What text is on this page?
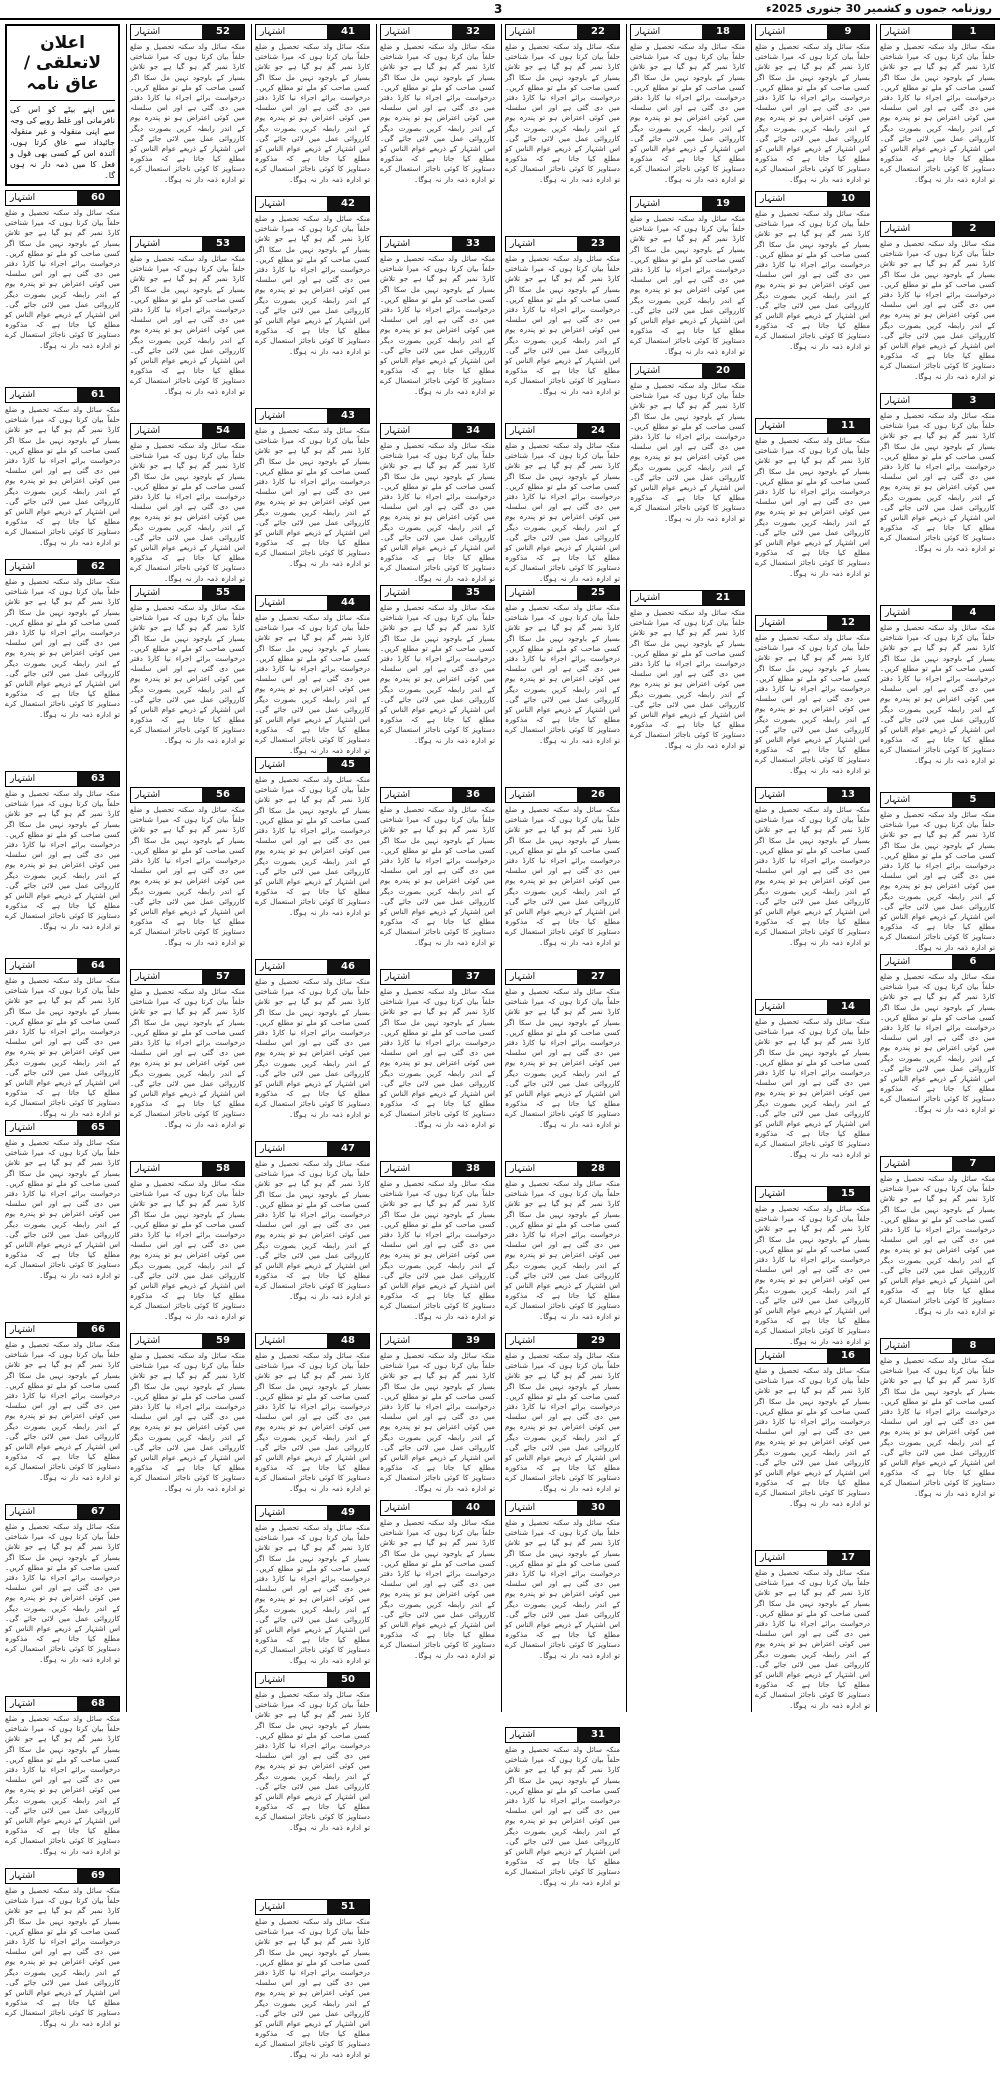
روزنامہ جموں و کشمیر 30 جنوری 2025ء
3
اشتہار	1
منکہ سائل ولد سکنہ تحصیل و ضلع حلفاً بیان کرتا ہوں کہ میرا شناختی کارڈ نمبر گم ہو گیا ہے جو تلاش بسیار کے باوجود نہیں مل سکا اگر کسی صاحب کو ملے تو مطلع کریں۔ درخواست برائے اجراء نیا کارڈ دفتر میں دی گئی ہے اور اس سلسلہ میں کوئی اعتراض ہو تو پندرہ یوم کے اندر رابطہ کریں بصورت دیگر کارروائی عمل میں لائی جائے گی۔ اس اشتہار کے ذریعے عوام الناس کو مطلع کیا جاتا ہے کہ مذکورہ دستاویز کا کوئی ناجائز استعمال کرے تو ادارہ ذمہ دار نہ ہوگا۔
اشتہار	2
منکہ سائل ولد سکنہ تحصیل و ضلع حلفاً بیان کرتا ہوں کہ میرا شناختی کارڈ نمبر گم ہو گیا ہے جو تلاش بسیار کے باوجود نہیں مل سکا اگر کسی صاحب کو ملے تو مطلع کریں۔ درخواست برائے اجراء نیا کارڈ دفتر میں دی گئی ہے اور اس سلسلہ میں کوئی اعتراض ہو تو پندرہ یوم کے اندر رابطہ کریں بصورت دیگر کارروائی عمل میں لائی جائے گی۔ اس اشتہار کے ذریعے عوام الناس کو مطلع کیا جاتا ہے کہ مذکورہ دستاویز کا کوئی ناجائز استعمال کرے تو ادارہ ذمہ دار نہ ہوگا۔
اشتہار	3
منکہ سائل ولد سکنہ تحصیل و ضلع حلفاً بیان کرتا ہوں کہ میرا شناختی کارڈ نمبر گم ہو گیا ہے جو تلاش بسیار کے باوجود نہیں مل سکا اگر کسی صاحب کو ملے تو مطلع کریں۔ درخواست برائے اجراء نیا کارڈ دفتر میں دی گئی ہے اور اس سلسلہ میں کوئی اعتراض ہو تو پندرہ یوم کے اندر رابطہ کریں بصورت دیگر کارروائی عمل میں لائی جائے گی۔ اس اشتہار کے ذریعے عوام الناس کو مطلع کیا جاتا ہے کہ مذکورہ دستاویز کا کوئی ناجائز استعمال کرے تو ادارہ ذمہ دار نہ ہوگا۔
اشتہار	4
منکہ سائل ولد سکنہ تحصیل و ضلع حلفاً بیان کرتا ہوں کہ میرا شناختی کارڈ نمبر گم ہو گیا ہے جو تلاش بسیار کے باوجود نہیں مل سکا اگر کسی صاحب کو ملے تو مطلع کریں۔ درخواست برائے اجراء نیا کارڈ دفتر میں دی گئی ہے اور اس سلسلہ میں کوئی اعتراض ہو تو پندرہ یوم کے اندر رابطہ کریں بصورت دیگر کارروائی عمل میں لائی جائے گی۔ اس اشتہار کے ذریعے عوام الناس کو مطلع کیا جاتا ہے کہ مذکورہ دستاویز کا کوئی ناجائز استعمال کرے تو ادارہ ذمہ دار نہ ہوگا۔
اشتہار	5
منکہ سائل ولد سکنہ تحصیل و ضلع حلفاً بیان کرتا ہوں کہ میرا شناختی کارڈ نمبر گم ہو گیا ہے جو تلاش بسیار کے باوجود نہیں مل سکا اگر کسی صاحب کو ملے تو مطلع کریں۔ درخواست برائے اجراء نیا کارڈ دفتر میں دی گئی ہے اور اس سلسلہ میں کوئی اعتراض ہو تو پندرہ یوم کے اندر رابطہ کریں بصورت دیگر کارروائی عمل میں لائی جائے گی۔ اس اشتہار کے ذریعے عوام الناس کو مطلع کیا جاتا ہے کہ مذکورہ دستاویز کا کوئی ناجائز استعمال کرے تو ادارہ ذمہ دار نہ ہوگا۔
اشتہار	6
منکہ سائل ولد سکنہ تحصیل و ضلع حلفاً بیان کرتا ہوں کہ میرا شناختی کارڈ نمبر گم ہو گیا ہے جو تلاش بسیار کے باوجود نہیں مل سکا اگر کسی صاحب کو ملے تو مطلع کریں۔ درخواست برائے اجراء نیا کارڈ دفتر میں دی گئی ہے اور اس سلسلہ میں کوئی اعتراض ہو تو پندرہ یوم کے اندر رابطہ کریں بصورت دیگر کارروائی عمل میں لائی جائے گی۔ اس اشتہار کے ذریعے عوام الناس کو مطلع کیا جاتا ہے کہ مذکورہ دستاویز کا کوئی ناجائز استعمال کرے تو ادارہ ذمہ دار نہ ہوگا۔
اشتہار	7
منکہ سائل ولد سکنہ تحصیل و ضلع حلفاً بیان کرتا ہوں کہ میرا شناختی کارڈ نمبر گم ہو گیا ہے جو تلاش بسیار کے باوجود نہیں مل سکا اگر کسی صاحب کو ملے تو مطلع کریں۔ درخواست برائے اجراء نیا کارڈ دفتر میں دی گئی ہے اور اس سلسلہ میں کوئی اعتراض ہو تو پندرہ یوم کے اندر رابطہ کریں بصورت دیگر کارروائی عمل میں لائی جائے گی۔ اس اشتہار کے ذریعے عوام الناس کو مطلع کیا جاتا ہے کہ مذکورہ دستاویز کا کوئی ناجائز استعمال کرے تو ادارہ ذمہ دار نہ ہوگا۔
اشتہار	8
منکہ سائل ولد سکنہ تحصیل و ضلع حلفاً بیان کرتا ہوں کہ میرا شناختی کارڈ نمبر گم ہو گیا ہے جو تلاش بسیار کے باوجود نہیں مل سکا اگر کسی صاحب کو ملے تو مطلع کریں۔ درخواست برائے اجراء نیا کارڈ دفتر میں دی گئی ہے اور اس سلسلہ میں کوئی اعتراض ہو تو پندرہ یوم کے اندر رابطہ کریں بصورت دیگر کارروائی عمل میں لائی جائے گی۔ اس اشتہار کے ذریعے عوام الناس کو مطلع کیا جاتا ہے کہ مذکورہ دستاویز کا کوئی ناجائز استعمال کرے تو ادارہ ذمہ دار نہ ہوگا۔
اشتہار	9
منکہ سائل ولد سکنہ تحصیل و ضلع حلفاً بیان کرتا ہوں کہ میرا شناختی کارڈ نمبر گم ہو گیا ہے جو تلاش بسیار کے باوجود نہیں مل سکا اگر کسی صاحب کو ملے تو مطلع کریں۔ درخواست برائے اجراء نیا کارڈ دفتر میں دی گئی ہے اور اس سلسلہ میں کوئی اعتراض ہو تو پندرہ یوم کے اندر رابطہ کریں بصورت دیگر کارروائی عمل میں لائی جائے گی۔ اس اشتہار کے ذریعے عوام الناس کو مطلع کیا جاتا ہے کہ مذکورہ دستاویز کا کوئی ناجائز استعمال کرے تو ادارہ ذمہ دار نہ ہوگا۔
اشتہار	10
منکہ سائل ولد سکنہ تحصیل و ضلع حلفاً بیان کرتا ہوں کہ میرا شناختی کارڈ نمبر گم ہو گیا ہے جو تلاش بسیار کے باوجود نہیں مل سکا اگر کسی صاحب کو ملے تو مطلع کریں۔ درخواست برائے اجراء نیا کارڈ دفتر میں دی گئی ہے اور اس سلسلہ میں کوئی اعتراض ہو تو پندرہ یوم کے اندر رابطہ کریں بصورت دیگر کارروائی عمل میں لائی جائے گی۔ اس اشتہار کے ذریعے عوام الناس کو مطلع کیا جاتا ہے کہ مذکورہ دستاویز کا کوئی ناجائز استعمال کرے تو ادارہ ذمہ دار نہ ہوگا۔
اشتہار	11
منکہ سائل ولد سکنہ تحصیل و ضلع حلفاً بیان کرتا ہوں کہ میرا شناختی کارڈ نمبر گم ہو گیا ہے جو تلاش بسیار کے باوجود نہیں مل سکا اگر کسی صاحب کو ملے تو مطلع کریں۔ درخواست برائے اجراء نیا کارڈ دفتر میں دی گئی ہے اور اس سلسلہ میں کوئی اعتراض ہو تو پندرہ یوم کے اندر رابطہ کریں بصورت دیگر کارروائی عمل میں لائی جائے گی۔ اس اشتہار کے ذریعے عوام الناس کو مطلع کیا جاتا ہے کہ مذکورہ دستاویز کا کوئی ناجائز استعمال کرے تو ادارہ ذمہ دار نہ ہوگا۔
اشتہار	12
منکہ سائل ولد سکنہ تحصیل و ضلع حلفاً بیان کرتا ہوں کہ میرا شناختی کارڈ نمبر گم ہو گیا ہے جو تلاش بسیار کے باوجود نہیں مل سکا اگر کسی صاحب کو ملے تو مطلع کریں۔ درخواست برائے اجراء نیا کارڈ دفتر میں دی گئی ہے اور اس سلسلہ میں کوئی اعتراض ہو تو پندرہ یوم کے اندر رابطہ کریں بصورت دیگر کارروائی عمل میں لائی جائے گی۔ اس اشتہار کے ذریعے عوام الناس کو مطلع کیا جاتا ہے کہ مذکورہ دستاویز کا کوئی ناجائز استعمال کرے تو ادارہ ذمہ دار نہ ہوگا۔
اشتہار	13
منکہ سائل ولد سکنہ تحصیل و ضلع حلفاً بیان کرتا ہوں کہ میرا شناختی کارڈ نمبر گم ہو گیا ہے جو تلاش بسیار کے باوجود نہیں مل سکا اگر کسی صاحب کو ملے تو مطلع کریں۔ درخواست برائے اجراء نیا کارڈ دفتر میں دی گئی ہے اور اس سلسلہ میں کوئی اعتراض ہو تو پندرہ یوم کے اندر رابطہ کریں بصورت دیگر کارروائی عمل میں لائی جائے گی۔ اس اشتہار کے ذریعے عوام الناس کو مطلع کیا جاتا ہے کہ مذکورہ دستاویز کا کوئی ناجائز استعمال کرے تو ادارہ ذمہ دار نہ ہوگا۔
اشتہار	14
منکہ سائل ولد سکنہ تحصیل و ضلع حلفاً بیان کرتا ہوں کہ میرا شناختی کارڈ نمبر گم ہو گیا ہے جو تلاش بسیار کے باوجود نہیں مل سکا اگر کسی صاحب کو ملے تو مطلع کریں۔ درخواست برائے اجراء نیا کارڈ دفتر میں دی گئی ہے اور اس سلسلہ میں کوئی اعتراض ہو تو پندرہ یوم کے اندر رابطہ کریں بصورت دیگر کارروائی عمل میں لائی جائے گی۔ اس اشتہار کے ذریعے عوام الناس کو مطلع کیا جاتا ہے کہ مذکورہ دستاویز کا کوئی ناجائز استعمال کرے تو ادارہ ذمہ دار نہ ہوگا۔
اشتہار	15
منکہ سائل ولد سکنہ تحصیل و ضلع حلفاً بیان کرتا ہوں کہ میرا شناختی کارڈ نمبر گم ہو گیا ہے جو تلاش بسیار کے باوجود نہیں مل سکا اگر کسی صاحب کو ملے تو مطلع کریں۔ درخواست برائے اجراء نیا کارڈ دفتر میں دی گئی ہے اور اس سلسلہ میں کوئی اعتراض ہو تو پندرہ یوم کے اندر رابطہ کریں بصورت دیگر کارروائی عمل میں لائی جائے گی۔ اس اشتہار کے ذریعے عوام الناس کو مطلع کیا جاتا ہے کہ مذکورہ دستاویز کا کوئی ناجائز استعمال کرے تو ادارہ ذمہ دار نہ ہوگا۔
اشتہار	16
منکہ سائل ولد سکنہ تحصیل و ضلع حلفاً بیان کرتا ہوں کہ میرا شناختی کارڈ نمبر گم ہو گیا ہے جو تلاش بسیار کے باوجود نہیں مل سکا اگر کسی صاحب کو ملے تو مطلع کریں۔ درخواست برائے اجراء نیا کارڈ دفتر میں دی گئی ہے اور اس سلسلہ میں کوئی اعتراض ہو تو پندرہ یوم کے اندر رابطہ کریں بصورت دیگر کارروائی عمل میں لائی جائے گی۔ اس اشتہار کے ذریعے عوام الناس کو مطلع کیا جاتا ہے کہ مذکورہ دستاویز کا کوئی ناجائز استعمال کرے تو ادارہ ذمہ دار نہ ہوگا۔
اشتہار	17
منکہ سائل ولد سکنہ تحصیل و ضلع حلفاً بیان کرتا ہوں کہ میرا شناختی کارڈ نمبر گم ہو گیا ہے جو تلاش بسیار کے باوجود نہیں مل سکا اگر کسی صاحب کو ملے تو مطلع کریں۔ درخواست برائے اجراء نیا کارڈ دفتر میں دی گئی ہے اور اس سلسلہ میں کوئی اعتراض ہو تو پندرہ یوم کے اندر رابطہ کریں بصورت دیگر کارروائی عمل میں لائی جائے گی۔ اس اشتہار کے ذریعے عوام الناس کو مطلع کیا جاتا ہے کہ مذکورہ دستاویز کا کوئی ناجائز استعمال کرے تو ادارہ ذمہ دار نہ ہوگا۔
اشتہار	18
منکہ سائل ولد سکنہ تحصیل و ضلع حلفاً بیان کرتا ہوں کہ میرا شناختی کارڈ نمبر گم ہو گیا ہے جو تلاش بسیار کے باوجود نہیں مل سکا اگر کسی صاحب کو ملے تو مطلع کریں۔ درخواست برائے اجراء نیا کارڈ دفتر میں دی گئی ہے اور اس سلسلہ میں کوئی اعتراض ہو تو پندرہ یوم کے اندر رابطہ کریں بصورت دیگر کارروائی عمل میں لائی جائے گی۔ اس اشتہار کے ذریعے عوام الناس کو مطلع کیا جاتا ہے کہ مذکورہ دستاویز کا کوئی ناجائز استعمال کرے تو ادارہ ذمہ دار نہ ہوگا۔
اشتہار	19
منکہ سائل ولد سکنہ تحصیل و ضلع حلفاً بیان کرتا ہوں کہ میرا شناختی کارڈ نمبر گم ہو گیا ہے جو تلاش بسیار کے باوجود نہیں مل سکا اگر کسی صاحب کو ملے تو مطلع کریں۔ درخواست برائے اجراء نیا کارڈ دفتر میں دی گئی ہے اور اس سلسلہ میں کوئی اعتراض ہو تو پندرہ یوم کے اندر رابطہ کریں بصورت دیگر کارروائی عمل میں لائی جائے گی۔ اس اشتہار کے ذریعے عوام الناس کو مطلع کیا جاتا ہے کہ مذکورہ دستاویز کا کوئی ناجائز استعمال کرے تو ادارہ ذمہ دار نہ ہوگا۔
اشتہار	20
منکہ سائل ولد سکنہ تحصیل و ضلع حلفاً بیان کرتا ہوں کہ میرا شناختی کارڈ نمبر گم ہو گیا ہے جو تلاش بسیار کے باوجود نہیں مل سکا اگر کسی صاحب کو ملے تو مطلع کریں۔ درخواست برائے اجراء نیا کارڈ دفتر میں دی گئی ہے اور اس سلسلہ میں کوئی اعتراض ہو تو پندرہ یوم کے اندر رابطہ کریں بصورت دیگر کارروائی عمل میں لائی جائے گی۔ اس اشتہار کے ذریعے عوام الناس کو مطلع کیا جاتا ہے کہ مذکورہ دستاویز کا کوئی ناجائز استعمال کرے تو ادارہ ذمہ دار نہ ہوگا۔
اشتہار	21
منکہ سائل ولد سکنہ تحصیل و ضلع حلفاً بیان کرتا ہوں کہ میرا شناختی کارڈ نمبر گم ہو گیا ہے جو تلاش بسیار کے باوجود نہیں مل سکا اگر کسی صاحب کو ملے تو مطلع کریں۔ درخواست برائے اجراء نیا کارڈ دفتر میں دی گئی ہے اور اس سلسلہ میں کوئی اعتراض ہو تو پندرہ یوم کے اندر رابطہ کریں بصورت دیگر کارروائی عمل میں لائی جائے گی۔ اس اشتہار کے ذریعے عوام الناس کو مطلع کیا جاتا ہے کہ مذکورہ دستاویز کا کوئی ناجائز استعمال کرے تو ادارہ ذمہ دار نہ ہوگا۔
اشتہار	22
منکہ سائل ولد سکنہ تحصیل و ضلع حلفاً بیان کرتا ہوں کہ میرا شناختی کارڈ نمبر گم ہو گیا ہے جو تلاش بسیار کے باوجود نہیں مل سکا اگر کسی صاحب کو ملے تو مطلع کریں۔ درخواست برائے اجراء نیا کارڈ دفتر میں دی گئی ہے اور اس سلسلہ میں کوئی اعتراض ہو تو پندرہ یوم کے اندر رابطہ کریں بصورت دیگر کارروائی عمل میں لائی جائے گی۔ اس اشتہار کے ذریعے عوام الناس کو مطلع کیا جاتا ہے کہ مذکورہ دستاویز کا کوئی ناجائز استعمال کرے تو ادارہ ذمہ دار نہ ہوگا۔
اشتہار	23
منکہ سائل ولد سکنہ تحصیل و ضلع حلفاً بیان کرتا ہوں کہ میرا شناختی کارڈ نمبر گم ہو گیا ہے جو تلاش بسیار کے باوجود نہیں مل سکا اگر کسی صاحب کو ملے تو مطلع کریں۔ درخواست برائے اجراء نیا کارڈ دفتر میں دی گئی ہے اور اس سلسلہ میں کوئی اعتراض ہو تو پندرہ یوم کے اندر رابطہ کریں بصورت دیگر کارروائی عمل میں لائی جائے گی۔ اس اشتہار کے ذریعے عوام الناس کو مطلع کیا جاتا ہے کہ مذکورہ دستاویز کا کوئی ناجائز استعمال کرے تو ادارہ ذمہ دار نہ ہوگا۔
اشتہار	24
منکہ سائل ولد سکنہ تحصیل و ضلع حلفاً بیان کرتا ہوں کہ میرا شناختی کارڈ نمبر گم ہو گیا ہے جو تلاش بسیار کے باوجود نہیں مل سکا اگر کسی صاحب کو ملے تو مطلع کریں۔ درخواست برائے اجراء نیا کارڈ دفتر میں دی گئی ہے اور اس سلسلہ میں کوئی اعتراض ہو تو پندرہ یوم کے اندر رابطہ کریں بصورت دیگر کارروائی عمل میں لائی جائے گی۔ اس اشتہار کے ذریعے عوام الناس کو مطلع کیا جاتا ہے کہ مذکورہ دستاویز کا کوئی ناجائز استعمال کرے تو ادارہ ذمہ دار نہ ہوگا۔
اشتہار	25
منکہ سائل ولد سکنہ تحصیل و ضلع حلفاً بیان کرتا ہوں کہ میرا شناختی کارڈ نمبر گم ہو گیا ہے جو تلاش بسیار کے باوجود نہیں مل سکا اگر کسی صاحب کو ملے تو مطلع کریں۔ درخواست برائے اجراء نیا کارڈ دفتر میں دی گئی ہے اور اس سلسلہ میں کوئی اعتراض ہو تو پندرہ یوم کے اندر رابطہ کریں بصورت دیگر کارروائی عمل میں لائی جائے گی۔ اس اشتہار کے ذریعے عوام الناس کو مطلع کیا جاتا ہے کہ مذکورہ دستاویز کا کوئی ناجائز استعمال کرے تو ادارہ ذمہ دار نہ ہوگا۔
اشتہار	26
منکہ سائل ولد سکنہ تحصیل و ضلع حلفاً بیان کرتا ہوں کہ میرا شناختی کارڈ نمبر گم ہو گیا ہے جو تلاش بسیار کے باوجود نہیں مل سکا اگر کسی صاحب کو ملے تو مطلع کریں۔ درخواست برائے اجراء نیا کارڈ دفتر میں دی گئی ہے اور اس سلسلہ میں کوئی اعتراض ہو تو پندرہ یوم کے اندر رابطہ کریں بصورت دیگر کارروائی عمل میں لائی جائے گی۔ اس اشتہار کے ذریعے عوام الناس کو مطلع کیا جاتا ہے کہ مذکورہ دستاویز کا کوئی ناجائز استعمال کرے تو ادارہ ذمہ دار نہ ہوگا۔
اشتہار	27
منکہ سائل ولد سکنہ تحصیل و ضلع حلفاً بیان کرتا ہوں کہ میرا شناختی کارڈ نمبر گم ہو گیا ہے جو تلاش بسیار کے باوجود نہیں مل سکا اگر کسی صاحب کو ملے تو مطلع کریں۔ درخواست برائے اجراء نیا کارڈ دفتر میں دی گئی ہے اور اس سلسلہ میں کوئی اعتراض ہو تو پندرہ یوم کے اندر رابطہ کریں بصورت دیگر کارروائی عمل میں لائی جائے گی۔ اس اشتہار کے ذریعے عوام الناس کو مطلع کیا جاتا ہے کہ مذکورہ دستاویز کا کوئی ناجائز استعمال کرے تو ادارہ ذمہ دار نہ ہوگا۔
اشتہار	28
منکہ سائل ولد سکنہ تحصیل و ضلع حلفاً بیان کرتا ہوں کہ میرا شناختی کارڈ نمبر گم ہو گیا ہے جو تلاش بسیار کے باوجود نہیں مل سکا اگر کسی صاحب کو ملے تو مطلع کریں۔ درخواست برائے اجراء نیا کارڈ دفتر میں دی گئی ہے اور اس سلسلہ میں کوئی اعتراض ہو تو پندرہ یوم کے اندر رابطہ کریں بصورت دیگر کارروائی عمل میں لائی جائے گی۔ اس اشتہار کے ذریعے عوام الناس کو مطلع کیا جاتا ہے کہ مذکورہ دستاویز کا کوئی ناجائز استعمال کرے تو ادارہ ذمہ دار نہ ہوگا۔
اشتہار	29
منکہ سائل ولد سکنہ تحصیل و ضلع حلفاً بیان کرتا ہوں کہ میرا شناختی کارڈ نمبر گم ہو گیا ہے جو تلاش بسیار کے باوجود نہیں مل سکا اگر کسی صاحب کو ملے تو مطلع کریں۔ درخواست برائے اجراء نیا کارڈ دفتر میں دی گئی ہے اور اس سلسلہ میں کوئی اعتراض ہو تو پندرہ یوم کے اندر رابطہ کریں بصورت دیگر کارروائی عمل میں لائی جائے گی۔ اس اشتہار کے ذریعے عوام الناس کو مطلع کیا جاتا ہے کہ مذکورہ دستاویز کا کوئی ناجائز استعمال کرے تو ادارہ ذمہ دار نہ ہوگا۔
اشتہار	30
منکہ سائل ولد سکنہ تحصیل و ضلع حلفاً بیان کرتا ہوں کہ میرا شناختی کارڈ نمبر گم ہو گیا ہے جو تلاش بسیار کے باوجود نہیں مل سکا اگر کسی صاحب کو ملے تو مطلع کریں۔ درخواست برائے اجراء نیا کارڈ دفتر میں دی گئی ہے اور اس سلسلہ میں کوئی اعتراض ہو تو پندرہ یوم کے اندر رابطہ کریں بصورت دیگر کارروائی عمل میں لائی جائے گی۔ اس اشتہار کے ذریعے عوام الناس کو مطلع کیا جاتا ہے کہ مذکورہ دستاویز کا کوئی ناجائز استعمال کرے تو ادارہ ذمہ دار نہ ہوگا۔
اشتہار	31
منکہ سائل ولد سکنہ تحصیل و ضلع حلفاً بیان کرتا ہوں کہ میرا شناختی کارڈ نمبر گم ہو گیا ہے جو تلاش بسیار کے باوجود نہیں مل سکا اگر کسی صاحب کو ملے تو مطلع کریں۔ درخواست برائے اجراء نیا کارڈ دفتر میں دی گئی ہے اور اس سلسلہ میں کوئی اعتراض ہو تو پندرہ یوم کے اندر رابطہ کریں بصورت دیگر کارروائی عمل میں لائی جائے گی۔ اس اشتہار کے ذریعے عوام الناس کو مطلع کیا جاتا ہے کہ مذکورہ دستاویز کا کوئی ناجائز استعمال کرے تو ادارہ ذمہ دار نہ ہوگا۔
اشتہار	32
منکہ سائل ولد سکنہ تحصیل و ضلع حلفاً بیان کرتا ہوں کہ میرا شناختی کارڈ نمبر گم ہو گیا ہے جو تلاش بسیار کے باوجود نہیں مل سکا اگر کسی صاحب کو ملے تو مطلع کریں۔ درخواست برائے اجراء نیا کارڈ دفتر میں دی گئی ہے اور اس سلسلہ میں کوئی اعتراض ہو تو پندرہ یوم کے اندر رابطہ کریں بصورت دیگر کارروائی عمل میں لائی جائے گی۔ اس اشتہار کے ذریعے عوام الناس کو مطلع کیا جاتا ہے کہ مذکورہ دستاویز کا کوئی ناجائز استعمال کرے تو ادارہ ذمہ دار نہ ہوگا۔
اشتہار	33
منکہ سائل ولد سکنہ تحصیل و ضلع حلفاً بیان کرتا ہوں کہ میرا شناختی کارڈ نمبر گم ہو گیا ہے جو تلاش بسیار کے باوجود نہیں مل سکا اگر کسی صاحب کو ملے تو مطلع کریں۔ درخواست برائے اجراء نیا کارڈ دفتر میں دی گئی ہے اور اس سلسلہ میں کوئی اعتراض ہو تو پندرہ یوم کے اندر رابطہ کریں بصورت دیگر کارروائی عمل میں لائی جائے گی۔ اس اشتہار کے ذریعے عوام الناس کو مطلع کیا جاتا ہے کہ مذکورہ دستاویز کا کوئی ناجائز استعمال کرے تو ادارہ ذمہ دار نہ ہوگا۔
اشتہار	34
منکہ سائل ولد سکنہ تحصیل و ضلع حلفاً بیان کرتا ہوں کہ میرا شناختی کارڈ نمبر گم ہو گیا ہے جو تلاش بسیار کے باوجود نہیں مل سکا اگر کسی صاحب کو ملے تو مطلع کریں۔ درخواست برائے اجراء نیا کارڈ دفتر میں دی گئی ہے اور اس سلسلہ میں کوئی اعتراض ہو تو پندرہ یوم کے اندر رابطہ کریں بصورت دیگر کارروائی عمل میں لائی جائے گی۔ اس اشتہار کے ذریعے عوام الناس کو مطلع کیا جاتا ہے کہ مذکورہ دستاویز کا کوئی ناجائز استعمال کرے تو ادارہ ذمہ دار نہ ہوگا۔
اشتہار	35
منکہ سائل ولد سکنہ تحصیل و ضلع حلفاً بیان کرتا ہوں کہ میرا شناختی کارڈ نمبر گم ہو گیا ہے جو تلاش بسیار کے باوجود نہیں مل سکا اگر کسی صاحب کو ملے تو مطلع کریں۔ درخواست برائے اجراء نیا کارڈ دفتر میں دی گئی ہے اور اس سلسلہ میں کوئی اعتراض ہو تو پندرہ یوم کے اندر رابطہ کریں بصورت دیگر کارروائی عمل میں لائی جائے گی۔ اس اشتہار کے ذریعے عوام الناس کو مطلع کیا جاتا ہے کہ مذکورہ دستاویز کا کوئی ناجائز استعمال کرے تو ادارہ ذمہ دار نہ ہوگا۔
اشتہار	36
منکہ سائل ولد سکنہ تحصیل و ضلع حلفاً بیان کرتا ہوں کہ میرا شناختی کارڈ نمبر گم ہو گیا ہے جو تلاش بسیار کے باوجود نہیں مل سکا اگر کسی صاحب کو ملے تو مطلع کریں۔ درخواست برائے اجراء نیا کارڈ دفتر میں دی گئی ہے اور اس سلسلہ میں کوئی اعتراض ہو تو پندرہ یوم کے اندر رابطہ کریں بصورت دیگر کارروائی عمل میں لائی جائے گی۔ اس اشتہار کے ذریعے عوام الناس کو مطلع کیا جاتا ہے کہ مذکورہ دستاویز کا کوئی ناجائز استعمال کرے تو ادارہ ذمہ دار نہ ہوگا۔
اشتہار	37
منکہ سائل ولد سکنہ تحصیل و ضلع حلفاً بیان کرتا ہوں کہ میرا شناختی کارڈ نمبر گم ہو گیا ہے جو تلاش بسیار کے باوجود نہیں مل سکا اگر کسی صاحب کو ملے تو مطلع کریں۔ درخواست برائے اجراء نیا کارڈ دفتر میں دی گئی ہے اور اس سلسلہ میں کوئی اعتراض ہو تو پندرہ یوم کے اندر رابطہ کریں بصورت دیگر کارروائی عمل میں لائی جائے گی۔ اس اشتہار کے ذریعے عوام الناس کو مطلع کیا جاتا ہے کہ مذکورہ دستاویز کا کوئی ناجائز استعمال کرے تو ادارہ ذمہ دار نہ ہوگا۔
اشتہار	38
منکہ سائل ولد سکنہ تحصیل و ضلع حلفاً بیان کرتا ہوں کہ میرا شناختی کارڈ نمبر گم ہو گیا ہے جو تلاش بسیار کے باوجود نہیں مل سکا اگر کسی صاحب کو ملے تو مطلع کریں۔ درخواست برائے اجراء نیا کارڈ دفتر میں دی گئی ہے اور اس سلسلہ میں کوئی اعتراض ہو تو پندرہ یوم کے اندر رابطہ کریں بصورت دیگر کارروائی عمل میں لائی جائے گی۔ اس اشتہار کے ذریعے عوام الناس کو مطلع کیا جاتا ہے کہ مذکورہ دستاویز کا کوئی ناجائز استعمال کرے تو ادارہ ذمہ دار نہ ہوگا۔
اشتہار	39
منکہ سائل ولد سکنہ تحصیل و ضلع حلفاً بیان کرتا ہوں کہ میرا شناختی کارڈ نمبر گم ہو گیا ہے جو تلاش بسیار کے باوجود نہیں مل سکا اگر کسی صاحب کو ملے تو مطلع کریں۔ درخواست برائے اجراء نیا کارڈ دفتر میں دی گئی ہے اور اس سلسلہ میں کوئی اعتراض ہو تو پندرہ یوم کے اندر رابطہ کریں بصورت دیگر کارروائی عمل میں لائی جائے گی۔ اس اشتہار کے ذریعے عوام الناس کو مطلع کیا جاتا ہے کہ مذکورہ دستاویز کا کوئی ناجائز استعمال کرے تو ادارہ ذمہ دار نہ ہوگا۔
اشتہار	40
منکہ سائل ولد سکنہ تحصیل و ضلع حلفاً بیان کرتا ہوں کہ میرا شناختی کارڈ نمبر گم ہو گیا ہے جو تلاش بسیار کے باوجود نہیں مل سکا اگر کسی صاحب کو ملے تو مطلع کریں۔ درخواست برائے اجراء نیا کارڈ دفتر میں دی گئی ہے اور اس سلسلہ میں کوئی اعتراض ہو تو پندرہ یوم کے اندر رابطہ کریں بصورت دیگر کارروائی عمل میں لائی جائے گی۔ اس اشتہار کے ذریعے عوام الناس کو مطلع کیا جاتا ہے کہ مذکورہ دستاویز کا کوئی ناجائز استعمال کرے تو ادارہ ذمہ دار نہ ہوگا۔
اشتہار	41
منکہ سائل ولد سکنہ تحصیل و ضلع حلفاً بیان کرتا ہوں کہ میرا شناختی کارڈ نمبر گم ہو گیا ہے جو تلاش بسیار کے باوجود نہیں مل سکا اگر کسی صاحب کو ملے تو مطلع کریں۔ درخواست برائے اجراء نیا کارڈ دفتر میں دی گئی ہے اور اس سلسلہ میں کوئی اعتراض ہو تو پندرہ یوم کے اندر رابطہ کریں بصورت دیگر کارروائی عمل میں لائی جائے گی۔ اس اشتہار کے ذریعے عوام الناس کو مطلع کیا جاتا ہے کہ مذکورہ دستاویز کا کوئی ناجائز استعمال کرے تو ادارہ ذمہ دار نہ ہوگا۔
اشتہار	42
منکہ سائل ولد سکنہ تحصیل و ضلع حلفاً بیان کرتا ہوں کہ میرا شناختی کارڈ نمبر گم ہو گیا ہے جو تلاش بسیار کے باوجود نہیں مل سکا اگر کسی صاحب کو ملے تو مطلع کریں۔ درخواست برائے اجراء نیا کارڈ دفتر میں دی گئی ہے اور اس سلسلہ میں کوئی اعتراض ہو تو پندرہ یوم کے اندر رابطہ کریں بصورت دیگر کارروائی عمل میں لائی جائے گی۔ اس اشتہار کے ذریعے عوام الناس کو مطلع کیا جاتا ہے کہ مذکورہ دستاویز کا کوئی ناجائز استعمال کرے تو ادارہ ذمہ دار نہ ہوگا۔
اشتہار	43
منکہ سائل ولد سکنہ تحصیل و ضلع حلفاً بیان کرتا ہوں کہ میرا شناختی کارڈ نمبر گم ہو گیا ہے جو تلاش بسیار کے باوجود نہیں مل سکا اگر کسی صاحب کو ملے تو مطلع کریں۔ درخواست برائے اجراء نیا کارڈ دفتر میں دی گئی ہے اور اس سلسلہ میں کوئی اعتراض ہو تو پندرہ یوم کے اندر رابطہ کریں بصورت دیگر کارروائی عمل میں لائی جائے گی۔ اس اشتہار کے ذریعے عوام الناس کو مطلع کیا جاتا ہے کہ مذکورہ دستاویز کا کوئی ناجائز استعمال کرے تو ادارہ ذمہ دار نہ ہوگا۔
اشتہار	44
منکہ سائل ولد سکنہ تحصیل و ضلع حلفاً بیان کرتا ہوں کہ میرا شناختی کارڈ نمبر گم ہو گیا ہے جو تلاش بسیار کے باوجود نہیں مل سکا اگر کسی صاحب کو ملے تو مطلع کریں۔ درخواست برائے اجراء نیا کارڈ دفتر میں دی گئی ہے اور اس سلسلہ میں کوئی اعتراض ہو تو پندرہ یوم کے اندر رابطہ کریں بصورت دیگر کارروائی عمل میں لائی جائے گی۔ اس اشتہار کے ذریعے عوام الناس کو مطلع کیا جاتا ہے کہ مذکورہ دستاویز کا کوئی ناجائز استعمال کرے تو ادارہ ذمہ دار نہ ہوگا۔
اشتہار	45
منکہ سائل ولد سکنہ تحصیل و ضلع حلفاً بیان کرتا ہوں کہ میرا شناختی کارڈ نمبر گم ہو گیا ہے جو تلاش بسیار کے باوجود نہیں مل سکا اگر کسی صاحب کو ملے تو مطلع کریں۔ درخواست برائے اجراء نیا کارڈ دفتر میں دی گئی ہے اور اس سلسلہ میں کوئی اعتراض ہو تو پندرہ یوم کے اندر رابطہ کریں بصورت دیگر کارروائی عمل میں لائی جائے گی۔ اس اشتہار کے ذریعے عوام الناس کو مطلع کیا جاتا ہے کہ مذکورہ دستاویز کا کوئی ناجائز استعمال کرے تو ادارہ ذمہ دار نہ ہوگا۔
اشتہار	46
منکہ سائل ولد سکنہ تحصیل و ضلع حلفاً بیان کرتا ہوں کہ میرا شناختی کارڈ نمبر گم ہو گیا ہے جو تلاش بسیار کے باوجود نہیں مل سکا اگر کسی صاحب کو ملے تو مطلع کریں۔ درخواست برائے اجراء نیا کارڈ دفتر میں دی گئی ہے اور اس سلسلہ میں کوئی اعتراض ہو تو پندرہ یوم کے اندر رابطہ کریں بصورت دیگر کارروائی عمل میں لائی جائے گی۔ اس اشتہار کے ذریعے عوام الناس کو مطلع کیا جاتا ہے کہ مذکورہ دستاویز کا کوئی ناجائز استعمال کرے تو ادارہ ذمہ دار نہ ہوگا۔
اشتہار	47
منکہ سائل ولد سکنہ تحصیل و ضلع حلفاً بیان کرتا ہوں کہ میرا شناختی کارڈ نمبر گم ہو گیا ہے جو تلاش بسیار کے باوجود نہیں مل سکا اگر کسی صاحب کو ملے تو مطلع کریں۔ درخواست برائے اجراء نیا کارڈ دفتر میں دی گئی ہے اور اس سلسلہ میں کوئی اعتراض ہو تو پندرہ یوم کے اندر رابطہ کریں بصورت دیگر کارروائی عمل میں لائی جائے گی۔ اس اشتہار کے ذریعے عوام الناس کو مطلع کیا جاتا ہے کہ مذکورہ دستاویز کا کوئی ناجائز استعمال کرے تو ادارہ ذمہ دار نہ ہوگا۔
اشتہار	48
منکہ سائل ولد سکنہ تحصیل و ضلع حلفاً بیان کرتا ہوں کہ میرا شناختی کارڈ نمبر گم ہو گیا ہے جو تلاش بسیار کے باوجود نہیں مل سکا اگر کسی صاحب کو ملے تو مطلع کریں۔ درخواست برائے اجراء نیا کارڈ دفتر میں دی گئی ہے اور اس سلسلہ میں کوئی اعتراض ہو تو پندرہ یوم کے اندر رابطہ کریں بصورت دیگر کارروائی عمل میں لائی جائے گی۔ اس اشتہار کے ذریعے عوام الناس کو مطلع کیا جاتا ہے کہ مذکورہ دستاویز کا کوئی ناجائز استعمال کرے تو ادارہ ذمہ دار نہ ہوگا۔
اشتہار	49
منکہ سائل ولد سکنہ تحصیل و ضلع حلفاً بیان کرتا ہوں کہ میرا شناختی کارڈ نمبر گم ہو گیا ہے جو تلاش بسیار کے باوجود نہیں مل سکا اگر کسی صاحب کو ملے تو مطلع کریں۔ درخواست برائے اجراء نیا کارڈ دفتر میں دی گئی ہے اور اس سلسلہ میں کوئی اعتراض ہو تو پندرہ یوم کے اندر رابطہ کریں بصورت دیگر کارروائی عمل میں لائی جائے گی۔ اس اشتہار کے ذریعے عوام الناس کو مطلع کیا جاتا ہے کہ مذکورہ دستاویز کا کوئی ناجائز استعمال کرے تو ادارہ ذمہ دار نہ ہوگا۔
اشتہار	50
منکہ سائل ولد سکنہ تحصیل و ضلع حلفاً بیان کرتا ہوں کہ میرا شناختی کارڈ نمبر گم ہو گیا ہے جو تلاش بسیار کے باوجود نہیں مل سکا اگر کسی صاحب کو ملے تو مطلع کریں۔ درخواست برائے اجراء نیا کارڈ دفتر میں دی گئی ہے اور اس سلسلہ میں کوئی اعتراض ہو تو پندرہ یوم کے اندر رابطہ کریں بصورت دیگر کارروائی عمل میں لائی جائے گی۔ اس اشتہار کے ذریعے عوام الناس کو مطلع کیا جاتا ہے کہ مذکورہ دستاویز کا کوئی ناجائز استعمال کرے تو ادارہ ذمہ دار نہ ہوگا۔
اشتہار	51
منکہ سائل ولد سکنہ تحصیل و ضلع حلفاً بیان کرتا ہوں کہ میرا شناختی کارڈ نمبر گم ہو گیا ہے جو تلاش بسیار کے باوجود نہیں مل سکا اگر کسی صاحب کو ملے تو مطلع کریں۔ درخواست برائے اجراء نیا کارڈ دفتر میں دی گئی ہے اور اس سلسلہ میں کوئی اعتراض ہو تو پندرہ یوم کے اندر رابطہ کریں بصورت دیگر کارروائی عمل میں لائی جائے گی۔ اس اشتہار کے ذریعے عوام الناس کو مطلع کیا جاتا ہے کہ مذکورہ دستاویز کا کوئی ناجائز استعمال کرے تو ادارہ ذمہ دار نہ ہوگا۔
اشتہار	52
منکہ سائل ولد سکنہ تحصیل و ضلع حلفاً بیان کرتا ہوں کہ میرا شناختی کارڈ نمبر گم ہو گیا ہے جو تلاش بسیار کے باوجود نہیں مل سکا اگر کسی صاحب کو ملے تو مطلع کریں۔ درخواست برائے اجراء نیا کارڈ دفتر میں دی گئی ہے اور اس سلسلہ میں کوئی اعتراض ہو تو پندرہ یوم کے اندر رابطہ کریں بصورت دیگر کارروائی عمل میں لائی جائے گی۔ اس اشتہار کے ذریعے عوام الناس کو مطلع کیا جاتا ہے کہ مذکورہ دستاویز کا کوئی ناجائز استعمال کرے تو ادارہ ذمہ دار نہ ہوگا۔
اشتہار	53
منکہ سائل ولد سکنہ تحصیل و ضلع حلفاً بیان کرتا ہوں کہ میرا شناختی کارڈ نمبر گم ہو گیا ہے جو تلاش بسیار کے باوجود نہیں مل سکا اگر کسی صاحب کو ملے تو مطلع کریں۔ درخواست برائے اجراء نیا کارڈ دفتر میں دی گئی ہے اور اس سلسلہ میں کوئی اعتراض ہو تو پندرہ یوم کے اندر رابطہ کریں بصورت دیگر کارروائی عمل میں لائی جائے گی۔ اس اشتہار کے ذریعے عوام الناس کو مطلع کیا جاتا ہے کہ مذکورہ دستاویز کا کوئی ناجائز استعمال کرے تو ادارہ ذمہ دار نہ ہوگا۔
اشتہار	54
منکہ سائل ولد سکنہ تحصیل و ضلع حلفاً بیان کرتا ہوں کہ میرا شناختی کارڈ نمبر گم ہو گیا ہے جو تلاش بسیار کے باوجود نہیں مل سکا اگر کسی صاحب کو ملے تو مطلع کریں۔ درخواست برائے اجراء نیا کارڈ دفتر میں دی گئی ہے اور اس سلسلہ میں کوئی اعتراض ہو تو پندرہ یوم کے اندر رابطہ کریں بصورت دیگر کارروائی عمل میں لائی جائے گی۔ اس اشتہار کے ذریعے عوام الناس کو مطلع کیا جاتا ہے کہ مذکورہ دستاویز کا کوئی ناجائز استعمال کرے تو ادارہ ذمہ دار نہ ہوگا۔
اشتہار	55
منکہ سائل ولد سکنہ تحصیل و ضلع حلفاً بیان کرتا ہوں کہ میرا شناختی کارڈ نمبر گم ہو گیا ہے جو تلاش بسیار کے باوجود نہیں مل سکا اگر کسی صاحب کو ملے تو مطلع کریں۔ درخواست برائے اجراء نیا کارڈ دفتر میں دی گئی ہے اور اس سلسلہ میں کوئی اعتراض ہو تو پندرہ یوم کے اندر رابطہ کریں بصورت دیگر کارروائی عمل میں لائی جائے گی۔ اس اشتہار کے ذریعے عوام الناس کو مطلع کیا جاتا ہے کہ مذکورہ دستاویز کا کوئی ناجائز استعمال کرے تو ادارہ ذمہ دار نہ ہوگا۔
اشتہار	56
منکہ سائل ولد سکنہ تحصیل و ضلع حلفاً بیان کرتا ہوں کہ میرا شناختی کارڈ نمبر گم ہو گیا ہے جو تلاش بسیار کے باوجود نہیں مل سکا اگر کسی صاحب کو ملے تو مطلع کریں۔ درخواست برائے اجراء نیا کارڈ دفتر میں دی گئی ہے اور اس سلسلہ میں کوئی اعتراض ہو تو پندرہ یوم کے اندر رابطہ کریں بصورت دیگر کارروائی عمل میں لائی جائے گی۔ اس اشتہار کے ذریعے عوام الناس کو مطلع کیا جاتا ہے کہ مذکورہ دستاویز کا کوئی ناجائز استعمال کرے تو ادارہ ذمہ دار نہ ہوگا۔
اشتہار	57
منکہ سائل ولد سکنہ تحصیل و ضلع حلفاً بیان کرتا ہوں کہ میرا شناختی کارڈ نمبر گم ہو گیا ہے جو تلاش بسیار کے باوجود نہیں مل سکا اگر کسی صاحب کو ملے تو مطلع کریں۔ درخواست برائے اجراء نیا کارڈ دفتر میں دی گئی ہے اور اس سلسلہ میں کوئی اعتراض ہو تو پندرہ یوم کے اندر رابطہ کریں بصورت دیگر کارروائی عمل میں لائی جائے گی۔ اس اشتہار کے ذریعے عوام الناس کو مطلع کیا جاتا ہے کہ مذکورہ دستاویز کا کوئی ناجائز استعمال کرے تو ادارہ ذمہ دار نہ ہوگا۔
اشتہار	58
منکہ سائل ولد سکنہ تحصیل و ضلع حلفاً بیان کرتا ہوں کہ میرا شناختی کارڈ نمبر گم ہو گیا ہے جو تلاش بسیار کے باوجود نہیں مل سکا اگر کسی صاحب کو ملے تو مطلع کریں۔ درخواست برائے اجراء نیا کارڈ دفتر میں دی گئی ہے اور اس سلسلہ میں کوئی اعتراض ہو تو پندرہ یوم کے اندر رابطہ کریں بصورت دیگر کارروائی عمل میں لائی جائے گی۔ اس اشتہار کے ذریعے عوام الناس کو مطلع کیا جاتا ہے کہ مذکورہ دستاویز کا کوئی ناجائز استعمال کرے تو ادارہ ذمہ دار نہ ہوگا۔
اشتہار	59
منکہ سائل ولد سکنہ تحصیل و ضلع حلفاً بیان کرتا ہوں کہ میرا شناختی کارڈ نمبر گم ہو گیا ہے جو تلاش بسیار کے باوجود نہیں مل سکا اگر کسی صاحب کو ملے تو مطلع کریں۔ درخواست برائے اجراء نیا کارڈ دفتر میں دی گئی ہے اور اس سلسلہ میں کوئی اعتراض ہو تو پندرہ یوم کے اندر رابطہ کریں بصورت دیگر کارروائی عمل میں لائی جائے گی۔ اس اشتہار کے ذریعے عوام الناس کو مطلع کیا جاتا ہے کہ مذکورہ دستاویز کا کوئی ناجائز استعمال کرے تو ادارہ ذمہ دار نہ ہوگا۔
اعلان لاتعلقی / عاق نامہ
میں اپنے بیٹے کو اس کی نافرمانی اور غلط رویے کی وجہ سے اپنی منقولہ و غیر منقولہ جائیداد سے عاق کرتا ہوں، آئندہ اس کے کسی بھی قول و فعل کا میں ذمہ دار نہ ہوں گا۔
اشتہار	60
منکہ سائل ولد سکنہ تحصیل و ضلع حلفاً بیان کرتا ہوں کہ میرا شناختی کارڈ نمبر گم ہو گیا ہے جو تلاش بسیار کے باوجود نہیں مل سکا اگر کسی صاحب کو ملے تو مطلع کریں۔ درخواست برائے اجراء نیا کارڈ دفتر میں دی گئی ہے اور اس سلسلہ میں کوئی اعتراض ہو تو پندرہ یوم کے اندر رابطہ کریں بصورت دیگر کارروائی عمل میں لائی جائے گی۔ اس اشتہار کے ذریعے عوام الناس کو مطلع کیا جاتا ہے کہ مذکورہ دستاویز کا کوئی ناجائز استعمال کرے تو ادارہ ذمہ دار نہ ہوگا۔
اشتہار	61
منکہ سائل ولد سکنہ تحصیل و ضلع حلفاً بیان کرتا ہوں کہ میرا شناختی کارڈ نمبر گم ہو گیا ہے جو تلاش بسیار کے باوجود نہیں مل سکا اگر کسی صاحب کو ملے تو مطلع کریں۔ درخواست برائے اجراء نیا کارڈ دفتر میں دی گئی ہے اور اس سلسلہ میں کوئی اعتراض ہو تو پندرہ یوم کے اندر رابطہ کریں بصورت دیگر کارروائی عمل میں لائی جائے گی۔ اس اشتہار کے ذریعے عوام الناس کو مطلع کیا جاتا ہے کہ مذکورہ دستاویز کا کوئی ناجائز استعمال کرے تو ادارہ ذمہ دار نہ ہوگا۔
اشتہار	62
منکہ سائل ولد سکنہ تحصیل و ضلع حلفاً بیان کرتا ہوں کہ میرا شناختی کارڈ نمبر گم ہو گیا ہے جو تلاش بسیار کے باوجود نہیں مل سکا اگر کسی صاحب کو ملے تو مطلع کریں۔ درخواست برائے اجراء نیا کارڈ دفتر میں دی گئی ہے اور اس سلسلہ میں کوئی اعتراض ہو تو پندرہ یوم کے اندر رابطہ کریں بصورت دیگر کارروائی عمل میں لائی جائے گی۔ اس اشتہار کے ذریعے عوام الناس کو مطلع کیا جاتا ہے کہ مذکورہ دستاویز کا کوئی ناجائز استعمال کرے تو ادارہ ذمہ دار نہ ہوگا۔
اشتہار	63
منکہ سائل ولد سکنہ تحصیل و ضلع حلفاً بیان کرتا ہوں کہ میرا شناختی کارڈ نمبر گم ہو گیا ہے جو تلاش بسیار کے باوجود نہیں مل سکا اگر کسی صاحب کو ملے تو مطلع کریں۔ درخواست برائے اجراء نیا کارڈ دفتر میں دی گئی ہے اور اس سلسلہ میں کوئی اعتراض ہو تو پندرہ یوم کے اندر رابطہ کریں بصورت دیگر کارروائی عمل میں لائی جائے گی۔ اس اشتہار کے ذریعے عوام الناس کو مطلع کیا جاتا ہے کہ مذکورہ دستاویز کا کوئی ناجائز استعمال کرے تو ادارہ ذمہ دار نہ ہوگا۔
اشتہار	64
منکہ سائل ولد سکنہ تحصیل و ضلع حلفاً بیان کرتا ہوں کہ میرا شناختی کارڈ نمبر گم ہو گیا ہے جو تلاش بسیار کے باوجود نہیں مل سکا اگر کسی صاحب کو ملے تو مطلع کریں۔ درخواست برائے اجراء نیا کارڈ دفتر میں دی گئی ہے اور اس سلسلہ میں کوئی اعتراض ہو تو پندرہ یوم کے اندر رابطہ کریں بصورت دیگر کارروائی عمل میں لائی جائے گی۔ اس اشتہار کے ذریعے عوام الناس کو مطلع کیا جاتا ہے کہ مذکورہ دستاویز کا کوئی ناجائز استعمال کرے تو ادارہ ذمہ دار نہ ہوگا۔
اشتہار	65
منکہ سائل ولد سکنہ تحصیل و ضلع حلفاً بیان کرتا ہوں کہ میرا شناختی کارڈ نمبر گم ہو گیا ہے جو تلاش بسیار کے باوجود نہیں مل سکا اگر کسی صاحب کو ملے تو مطلع کریں۔ درخواست برائے اجراء نیا کارڈ دفتر میں دی گئی ہے اور اس سلسلہ میں کوئی اعتراض ہو تو پندرہ یوم کے اندر رابطہ کریں بصورت دیگر کارروائی عمل میں لائی جائے گی۔ اس اشتہار کے ذریعے عوام الناس کو مطلع کیا جاتا ہے کہ مذکورہ دستاویز کا کوئی ناجائز استعمال کرے تو ادارہ ذمہ دار نہ ہوگا۔
اشتہار	66
منکہ سائل ولد سکنہ تحصیل و ضلع حلفاً بیان کرتا ہوں کہ میرا شناختی کارڈ نمبر گم ہو گیا ہے جو تلاش بسیار کے باوجود نہیں مل سکا اگر کسی صاحب کو ملے تو مطلع کریں۔ درخواست برائے اجراء نیا کارڈ دفتر میں دی گئی ہے اور اس سلسلہ میں کوئی اعتراض ہو تو پندرہ یوم کے اندر رابطہ کریں بصورت دیگر کارروائی عمل میں لائی جائے گی۔ اس اشتہار کے ذریعے عوام الناس کو مطلع کیا جاتا ہے کہ مذکورہ دستاویز کا کوئی ناجائز استعمال کرے تو ادارہ ذمہ دار نہ ہوگا۔
اشتہار	67
منکہ سائل ولد سکنہ تحصیل و ضلع حلفاً بیان کرتا ہوں کہ میرا شناختی کارڈ نمبر گم ہو گیا ہے جو تلاش بسیار کے باوجود نہیں مل سکا اگر کسی صاحب کو ملے تو مطلع کریں۔ درخواست برائے اجراء نیا کارڈ دفتر میں دی گئی ہے اور اس سلسلہ میں کوئی اعتراض ہو تو پندرہ یوم کے اندر رابطہ کریں بصورت دیگر کارروائی عمل میں لائی جائے گی۔ اس اشتہار کے ذریعے عوام الناس کو مطلع کیا جاتا ہے کہ مذکورہ دستاویز کا کوئی ناجائز استعمال کرے تو ادارہ ذمہ دار نہ ہوگا۔
اشتہار	68
منکہ سائل ولد سکنہ تحصیل و ضلع حلفاً بیان کرتا ہوں کہ میرا شناختی کارڈ نمبر گم ہو گیا ہے جو تلاش بسیار کے باوجود نہیں مل سکا اگر کسی صاحب کو ملے تو مطلع کریں۔ درخواست برائے اجراء نیا کارڈ دفتر میں دی گئی ہے اور اس سلسلہ میں کوئی اعتراض ہو تو پندرہ یوم کے اندر رابطہ کریں بصورت دیگر کارروائی عمل میں لائی جائے گی۔ اس اشتہار کے ذریعے عوام الناس کو مطلع کیا جاتا ہے کہ مذکورہ دستاویز کا کوئی ناجائز استعمال کرے تو ادارہ ذمہ دار نہ ہوگا۔
اشتہار	69
منکہ سائل ولد سکنہ تحصیل و ضلع حلفاً بیان کرتا ہوں کہ میرا شناختی کارڈ نمبر گم ہو گیا ہے جو تلاش بسیار کے باوجود نہیں مل سکا اگر کسی صاحب کو ملے تو مطلع کریں۔ درخواست برائے اجراء نیا کارڈ دفتر میں دی گئی ہے اور اس سلسلہ میں کوئی اعتراض ہو تو پندرہ یوم کے اندر رابطہ کریں بصورت دیگر کارروائی عمل میں لائی جائے گی۔ اس اشتہار کے ذریعے عوام الناس کو مطلع کیا جاتا ہے کہ مذکورہ دستاویز کا کوئی ناجائز استعمال کرے تو ادارہ ذمہ دار نہ ہوگا۔
